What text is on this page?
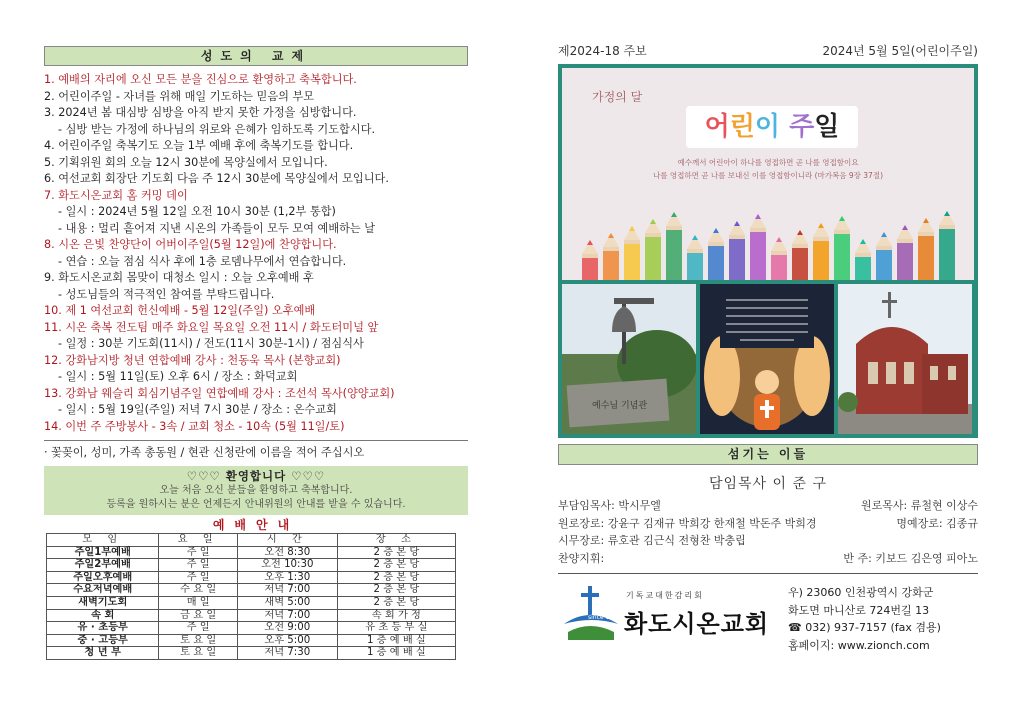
성도의 교제
1. 예배의 자리에 오신 모든 분을 진심으로 환영하고 축복합니다.
2. 어린이주일 - 자녀를 위해 매일 기도하는 믿음의 부모
3. 2024년 봄 대심방 심방을 아직 받지 못한 가정을 심방합니다.
- 심방 받는 가정에 하나님의 위로와 은혜가 임하도록 기도합시다.
4. 어린이주일 축복기도 오늘 1부 예배 후에 축복기도를 합니다.
5. 기획위원 회의 오늘 12시 30분에 목양실에서 모입니다.
6. 여선교회 회장단 기도회 다음 주 12시 30분에 목양실에서 모입니다.
7. 화도시온교회 홈 커밍 데이
- 일시 : 2024년 5월 12일 오전 10시 30분 (1,2부 통합)
- 내용 : 멀리 흩어져 지낸 시온의 가족들이 모두 모여 예배하는 날
8. 시온 은빛 찬양단이 어버이주일(5월 12일)에 찬양합니다.
- 연습 : 오늘 점심 식사 후에 1층 로뎀나무에서 연습합니다.
9. 화도시온교회 몸맞이 대청소 일시 : 오늘 오후예배 후
- 성도님들의 적극적인 참여를 부탁드립니다.
10. 제 1 여선교회 헌신예배 - 5월 12일(주일) 오후예배
11. 시온 축복 전도팀 매주 화요일 목요일 오전 11시 / 화도터미널 앞
- 일정 : 30분 기도회(11시) / 전도(11시 30분-1시) / 점심식사
12. 강화남지방 청년 연합예배 강사 : 천동욱 목사 (본향교회)
- 일시 : 5월 11일(토) 오후 6시 / 장소 : 화덕교회
13. 강화남 웨슬리 회심기념주일 연합예배 강사 : 조선석 목사(양양교회)
- 일시 : 5월 19일(주일) 저녁 7시 30분 / 장소 : 온수교회
14. 이번 주 주방봉사 - 3속 / 교회 청소 - 10속 (5월 11일/토)
· 꽃꽂이, 성미, 가족 총동원 / 현관 신청란에 이름을 적어 주십시오
♡♡♡ 환영합니다 ♡♡♡
오늘 처음 오신 분들을 환영하고 축복합니다.
등록을 원하시는 분은 언제든지 안내위원의 안내를 받을 수 있습니다.
예배안내
모 임	요 일	시 간	장 소
주일1부예배	주 일	오전 8:30	2 층 본 당
주일2부예배	주 일	오전 10:30	2 층 본 당
주일오후예배	주 일	오후 1:30	2 층 본 당
수요저녁예배	수 요 일	저녁 7:00	2 층 본 당
새벽기도회	매 일	새벽 5:00	2 층 본 당
속 회	금 요 일	저녁 7:00	속 회 가 정
유 · 초등부	주 일	오전 9:00	유 초 등 부 실
중 · 고등부	토 요 일	오후 5:00	1 층 예 배 실
청 년 부	토 요 일	저녁 7:30	1 층 예 배 실
제2024-18 주보	2024년 5월 5일(어린이주일)
가정의 달
어린이 주일
예수께서 어린아이 하나를 영접하면 곧 나를 영접함이요
나를 영접하면 곧 나를 보내신 이를 영접함이니라 (마가복음 9장 37절)
예수님 기념관
섬기는 이들
담임목사 이 준 구
부담임목사: 박시무엘	원로목사: 류철현 이상수
원로장로: 강윤구 김재규 박희강 한재철 박돈주 박희경	명예장로: 김종규
시무장로: 류호관 김근식 전형찬 박충립
찬양지휘:	반 주: 키보드 김은영 피아노
since 1905
기독교대한감리회
화도시온교회
우) 23060 인천광역시 강화군
화도면 마니산로 724번길 13
☎ 032) 937-7157 (fax 겸용)
홈페이지: www.zionch.com
